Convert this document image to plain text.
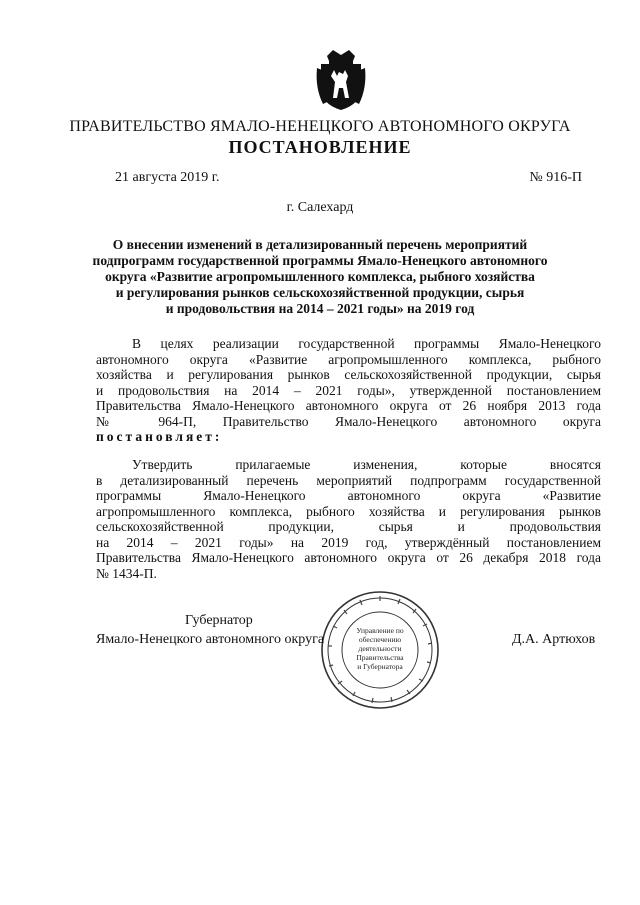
ПРАВИТЕЛЬСТВО ЯМАЛО-НЕНЕЦКОГО АВТОНОМНОГО ОКРУГА
ПОСТАНОВЛЕНИЕ
21 августа 2019 г.	№ 916-П
г. Салехард
О внесении изменений в детализированный перечень мероприятий
подпрограмм государственной программы Ямало-Ненецкого автономного
округа «Развитие агропромышленного комплекса, рыбного хозяйства
и регулирования рынков сельскохозяйственной продукции, сырья
и продовольствия на 2014 – 2021 годы» на 2019 год
В целях реализации государственной программы Ямало-Ненецкого
автономного округа «Развитие агропромышленного комплекса, рыбного
хозяйства и регулирования рынков сельскохозяйственной продукции, сырья
и продовольствия на 2014 – 2021 годы», утвержденной постановлением
Правительства Ямало-Ненецкого автономного округа от 26 ноября 2013 года
№ 964-П, Правительство Ямало-Ненецкого автономного округа
постановляет:
Утвердить прилагаемые изменения, которые вносятся
в детализированный перечень мероприятий подпрограмм государственной
программы Ямало-Ненецкого автономного округа «Развитие
агропромышленного комплекса, рыбного хозяйства и регулирования рынков
сельскохозяйственной продукции, сырья и продовольствия
на 2014 – 2021 годы» на 2019 год, утверждённый постановлением
Правительства Ямало-Ненецкого автономного округа от 26 декабря 2018 года
№ 1434-П.
Управление по
обеспечению
деятельности
Правительства
и Губернатора
Губернатор
Ямало-Ненецкого автономного округа	Д.А. Артюхов
